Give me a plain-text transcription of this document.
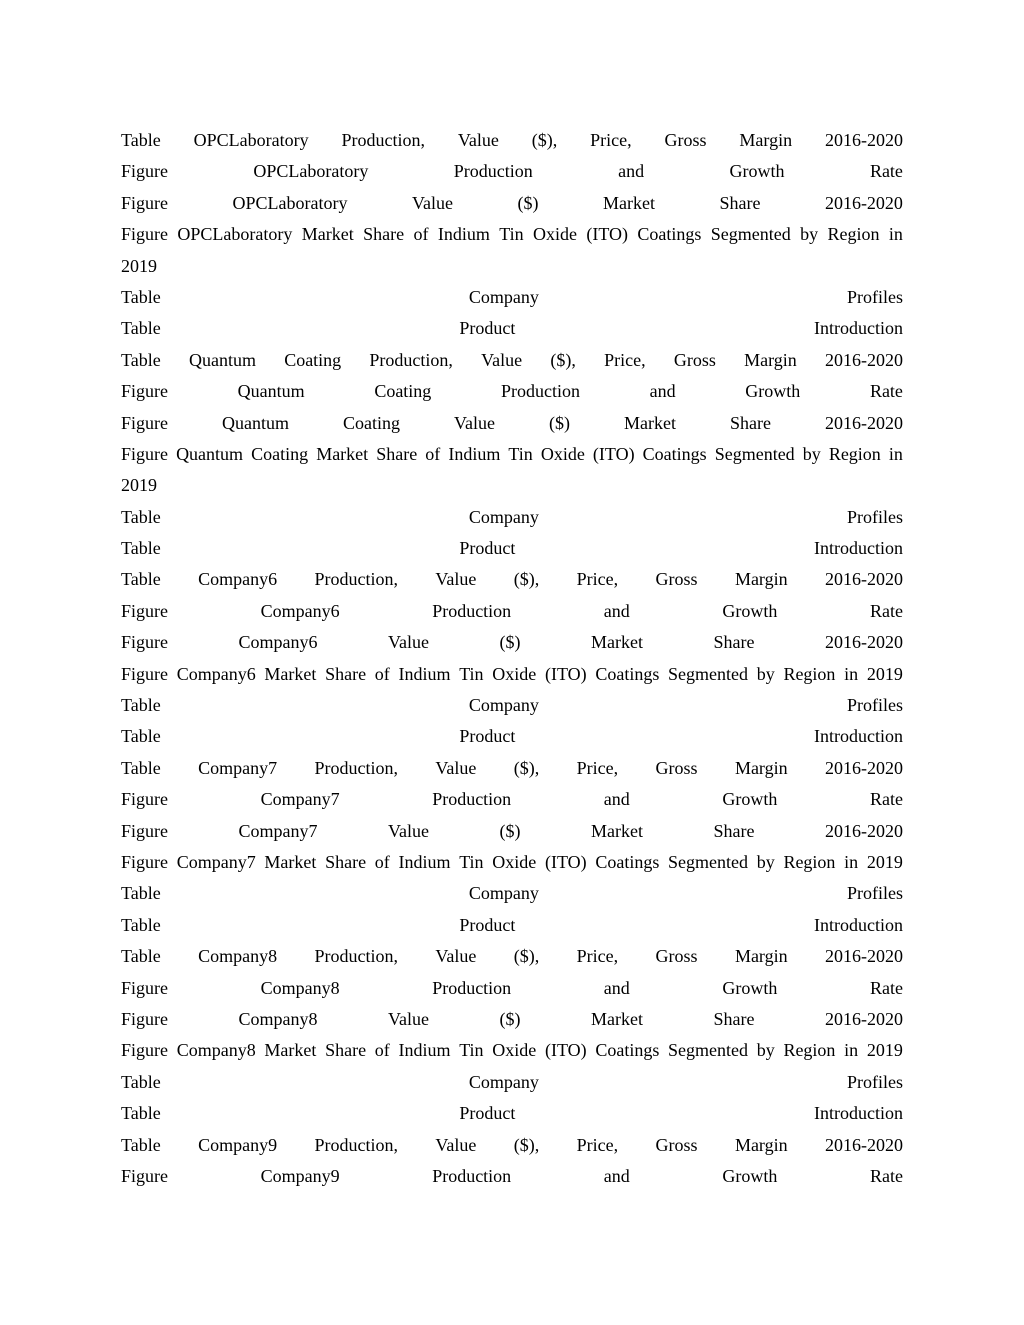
Table OPCLaboratory Production, Value ($), Price, Gross Margin 2016-2020
Figure	OPCLaboratory	Production	and	Growth	Rate
Figure	OPCLaboratory	Value	($)	Market	Share	2016-2020
Figure OPCLaboratory Market Share of Indium Tin Oxide (ITO) Coatings Segmented by Region in
2019
Table	Company	Profiles
Table	Product	Introduction
Table Quantum Coating Production, Value ($), Price, Gross Margin 2016-2020
Figure	Quantum	Coating	Production	and	Growth	Rate
Figure	Quantum	Coating	Value	($)	Market	Share	2016-2020
Figure Quantum Coating Market Share of Indium Tin Oxide (ITO) Coatings Segmented by Region in
2019
Table	Company	Profiles
Table	Product	Introduction
Table Company6 Production, Value ($), Price, Gross Margin 2016-2020
Figure	Company6	Production	and	Growth	Rate
Figure	Company6	Value	($)	Market	Share	2016-2020
Figure Company6 Market Share of Indium Tin Oxide (ITO) Coatings Segmented by Region in 2019
Table	Company	Profiles
Table	Product	Introduction
Table Company7 Production, Value ($), Price, Gross Margin 2016-2020
Figure	Company7	Production	and	Growth	Rate
Figure	Company7	Value	($)	Market	Share	2016-2020
Figure Company7 Market Share of Indium Tin Oxide (ITO) Coatings Segmented by Region in 2019
Table	Company	Profiles
Table	Product	Introduction
Table Company8 Production, Value ($), Price, Gross Margin 2016-2020
Figure	Company8	Production	and	Growth	Rate
Figure	Company8	Value	($)	Market	Share	2016-2020
Figure Company8 Market Share of Indium Tin Oxide (ITO) Coatings Segmented by Region in 2019
Table	Company	Profiles
Table	Product	Introduction
Table Company9 Production, Value ($), Price, Gross Margin 2016-2020
Figure	Company9	Production	and	Growth	Rate
